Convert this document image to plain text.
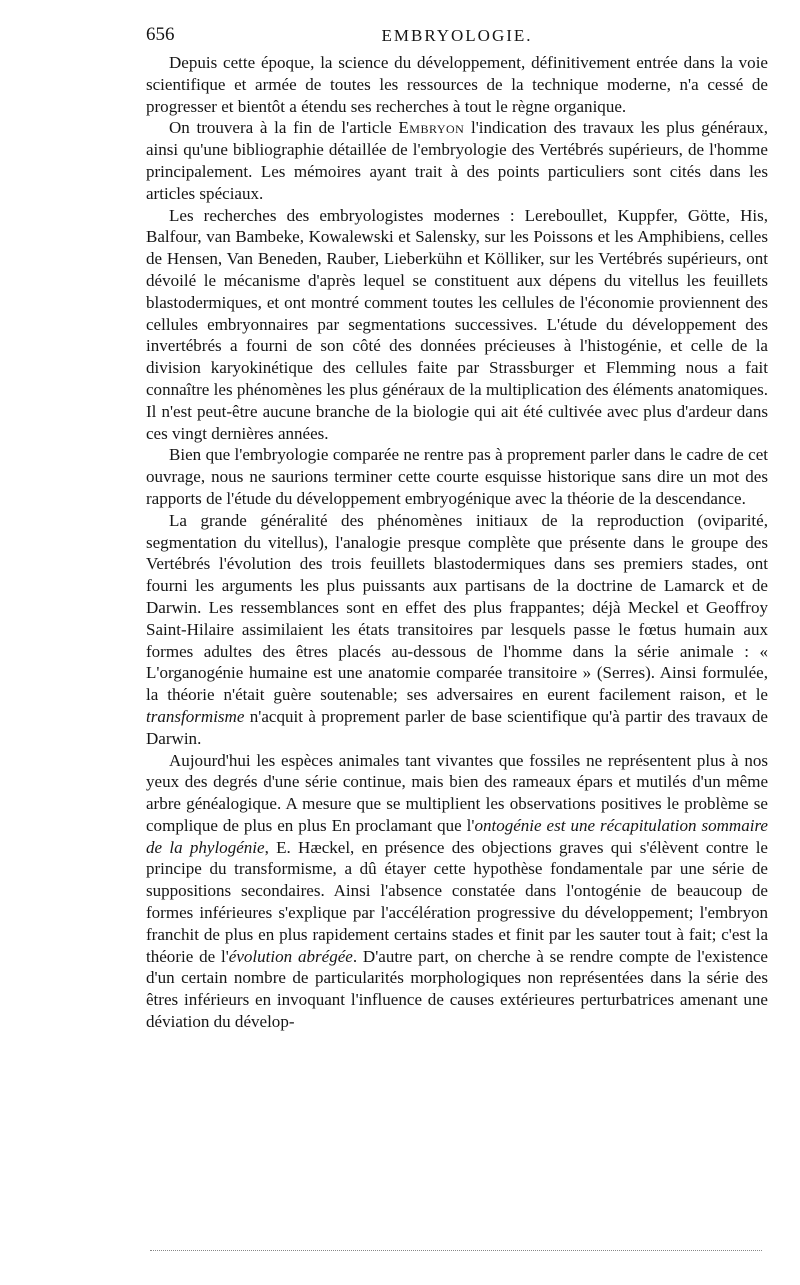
656	EMBRYOLOGIE.

Depuis cette époque, la science du développement, définitivement entrée dans la voie scientifique et armée de toutes les ressources de la technique moderne, n'a cessé de progresser et bientôt a étendu ses recherches à tout le règne organique.

On trouvera à la fin de l'article Embryon l'indication des travaux les plus généraux, ainsi qu'une bibliographie détaillée de l'embryologie des Vertébrés supérieurs, de l'homme principalement. Les mémoires ayant trait à des points particuliers sont cités dans les articles spéciaux.

Les recherches des embryologistes modernes : Lereboullet, Kuppfer, Götte, His, Balfour, van Bambeke, Kowalewski et Salensky, sur les Poissons et les Amphibiens, celles de Hensen, Van Beneden, Rauber, Lieberkühn et Kölliker, sur les Vertébrés supérieurs, ont dévoilé le mécanisme d'après lequel se constituent aux dépens du vitellus les feuillets blastodermiques, et ont montré comment toutes les cellules de l'économie proviennent des cellules embryonnaires par segmentations successives. L'étude du développement des invertébrés a fourni de son côté des données précieuses à l'histogénie, et celle de la division karyokinétique des cellules faite par Strassburger et Flemming nous a fait connaître les phénomènes les plus généraux de la multiplication des éléments anatomiques. Il n'est peut-être aucune branche de la biologie qui ait été cultivée avec plus d'ardeur dans ces vingt dernières années.

Bien que l'embryologie comparée ne rentre pas à proprement parler dans le cadre de cet ouvrage, nous ne saurions terminer cette courte esquisse historique sans dire un mot des rapports de l'étude du développement embryogénique avec la théorie de la descendance.

La grande généralité des phénomènes initiaux de la reproduction (oviparité, segmentation du vitellus), l'analogie presque complète que présente dans le groupe des Vertébrés l'évolution des trois feuillets blastodermiques dans ses premiers stades, ont fourni les arguments les plus puissants aux partisans de la doctrine de Lamarck et de Darwin. Les ressemblances sont en effet des plus frappantes; déjà Meckel et Geoffroy Saint-Hilaire assimilaient les états transitoires par lesquels passe le fœtus humain aux formes adultes des êtres placés au-dessous de l'homme dans la série animale : « L'organogénie humaine est une anatomie comparée transitoire » (Serres). Ainsi formulée, la théorie n'était guère soutenable; ses adversaires en eurent facilement raison, et le transformisme n'acquit à proprement parler de base scientifique qu'à partir des travaux de Darwin.

Aujourd'hui les espèces animales tant vivantes que fossiles ne représentent plus à nos yeux des degrés d'une série continue, mais bien des rameaux épars et mutilés d'un même arbre généalogique. A mesure que se multiplient les observations positives le problème se complique de plus en plus En proclamant que l'ontogénie est une récapitulation sommaire de la phylogénie, E. Hæckel, en présence des objections graves qui s'élèvent contre le principe du transformisme, a dû étayer cette hypothèse fondamentale par une série de suppositions secondaires. Ainsi l'absence constatée dans l'ontogénie de beaucoup de formes inférieures s'explique par l'accélération progressive du développement; l'embryon franchit de plus en plus rapidement certains stades et finit par les sauter tout à fait; c'est la théorie de l'évolution abrégée. D'autre part, on cherche à se rendre compte de l'existence d'un certain nombre de particularités morphologiques non représentées dans la série des êtres inférieurs en invoquant l'influence de causes extérieures perturbatrices amenant une déviation du dévelop-
